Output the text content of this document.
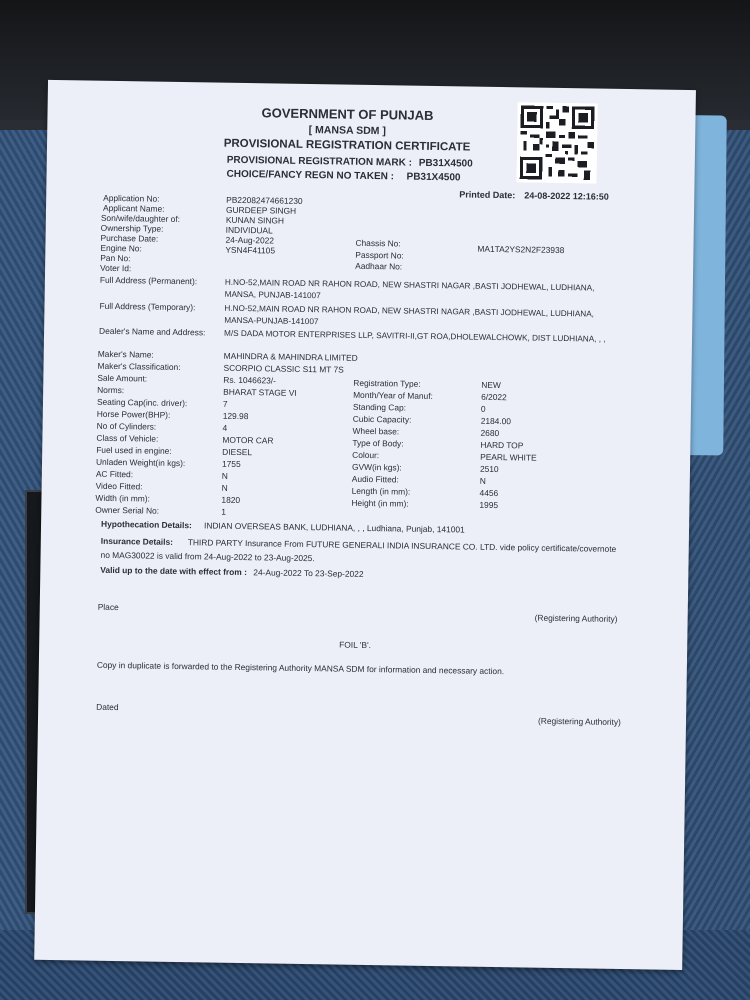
GOVERNMENT OF PUNJAB
[ MANSA SDM ]
PROVISIONAL REGISTRATION CERTIFICATE
PROVISIONAL REGISTRATION MARK : PB31X4500
CHOICE/FANCY REGN NO TAKEN : PB31X4500
Printed Date: 24-08-2022 12:16:50
Application No:	PB22082474661230
Applicant Name:	GURDEEP SINGH
Son/wife/daughter of:	KUNAN SINGH
Ownership Type:	INDIVIDUAL
Purchase Date:	24-Aug-2022
Engine No:	YSN4F41105
Pan No:
Voter Id:
Chassis No:
MA1TA2YS2N2F23938
Passport No:
Aadhaar No:
Full Address (Permanent):	H.NO-52,MAIN ROAD NR RAHON ROAD, NEW SHASTRI NAGAR ,BASTI JODHEWAL, LUDHIANA, MANSA, PUNJAB-141007
Full Address (Temporary):	H.NO-52,MAIN ROAD NR RAHON ROAD, NEW SHASTRI NAGAR ,BASTI JODHEWAL, LUDHIANA, MANSA-PUNJAB-141007
Dealer's Name and Address: M/S DADA MOTOR ENTERPRISES LLP, SAVITRI-II,GT ROA,DHOLEWALCHOWK, DIST LUDHIANA, , ,
Maker's Name:	MAHINDRA & MAHINDRA LIMITED
Maker's Classification:	SCORPIO CLASSIC S11 MT 7S
Sale Amount:	Rs. 1046623/-
Norms:	BHARAT STAGE VI
Seating Cap(inc. driver):	7
Horse Power(BHP):	129.98
No of Cylinders:	4
Class of Vehicle:	MOTOR CAR
Fuel used in engine:	DIESEL
Unladen Weight(in kgs):	1755
AC Fitted:	N
Video Fitted:	N
Width (in mm):	1820
Owner Serial No:	1
Registration Type:	NEW
Month/Year of Manuf:	6/2022
Standing Cap:	0
Cubic Capacity:	2184.00
Wheel base:	2680
Type of Body:	HARD TOP
Colour:	PEARL WHITE
GVW(in kgs):	2510
Audio Fitted:	N
Length (in mm):	4456
Height (in mm):	1995
Hypothecation Details: INDIAN OVERSEAS BANK, LUDHIANA, , , Ludhiana, Punjab, 141001
Insurance Details: THIRD PARTY Insurance From FUTURE GENERALI INDIA INSURANCE CO. LTD. vide policy certificate/covernote
no MAG30022 is valid from 24-Aug-2022 to 23-Aug-2025.
Valid up to the date with effect from : 24-Aug-2022 To 23-Sep-2022
Place
(Registering Authority)
FOIL 'B'.
Copy in duplicate is forwarded to the Registering Authority MANSA SDM for information and necessary action.
Dated
(Registering Authority)
